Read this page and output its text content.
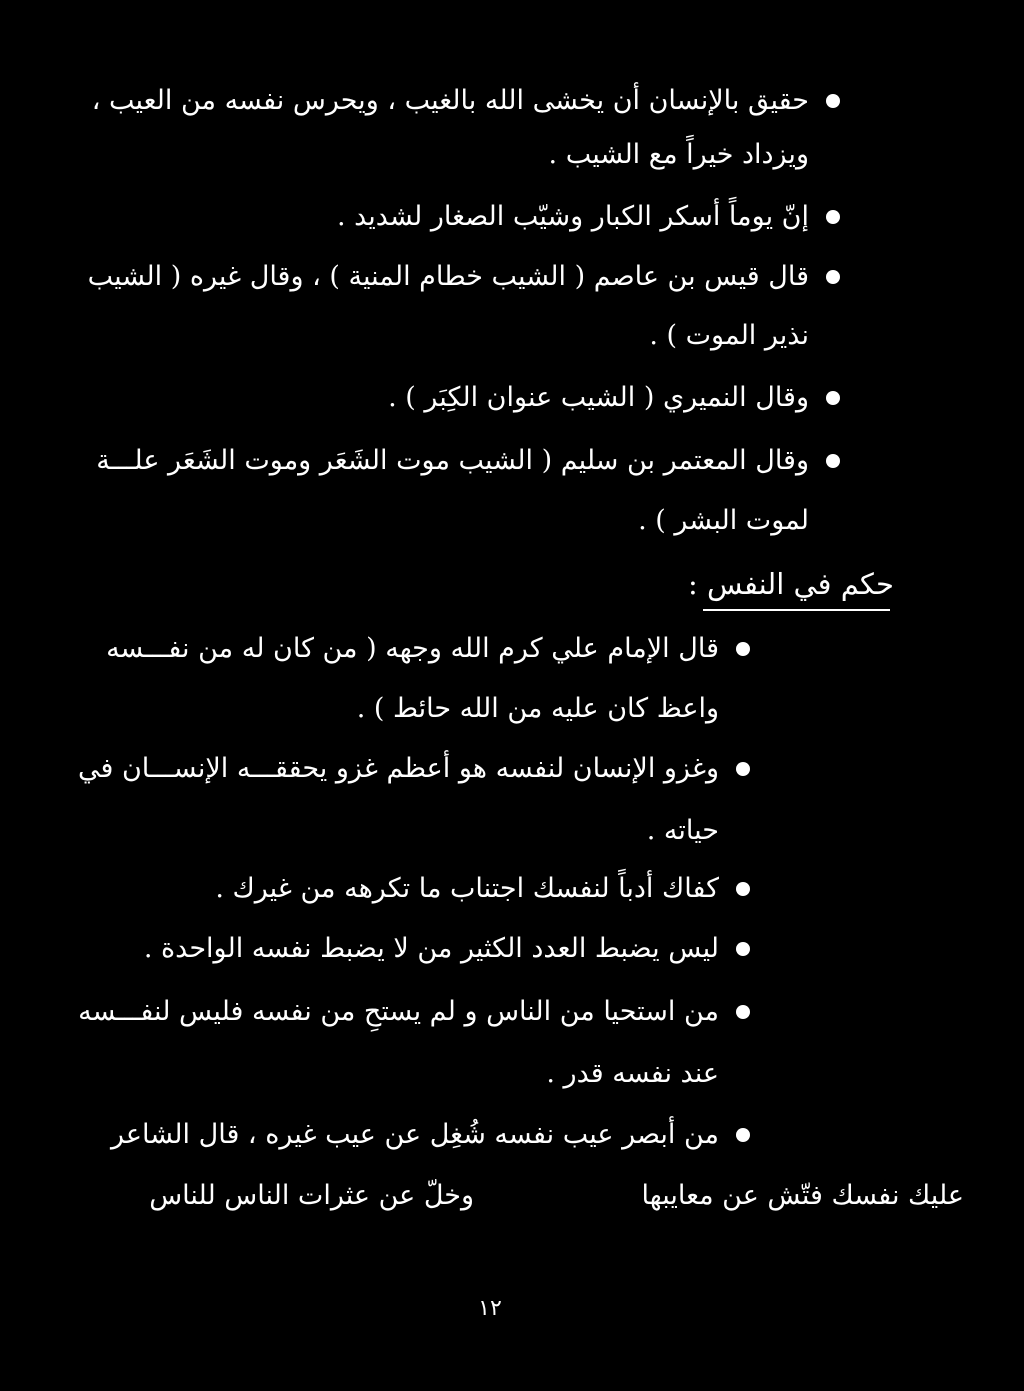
حقيق بالإنسان أن يخشى الله بالغيب ، ويحرس نفسه من العيب ،
ويزداد خيراً مع الشيب .
إنّ يوماً أسكر الكبار وشيّب الصغار لشديد .
قال قيس بن عاصم ( الشيب خطام المنية ) ، وقال غيره ( الشيب
نذير الموت ) .
وقال النميري ( الشيب عنوان الكِبَر ) .
وقال المعتمر بن سليم ( الشيب موت الشَعَر وموت الشَعَر علـــة
لموت البشر ) .
حكم في النفس :
قال الإمام علي كرم الله وجهه ( من كان له من نفـــسه
واعظ كان عليه من الله حائط ) .
وغزو الإنسان لنفسه هو أعظم غزو يحققـــه الإنســـان في
حياته .
كفاك أدباً لنفسك اجتناب ما تكرهه من غيرك .
ليس يضبط العدد الكثير من لا يضبط نفسه الواحدة .
من استحيا من الناس و لم يستحِ من نفسه فليس لنفـــسه
عند نفسه قدر .
من أبصر عيب نفسه شُغِل عن عيب غيره ، قال الشاعر
عليك نفسك فتّش عن معايبها
وخلّ عن عثرات الناس للناس
١٢
